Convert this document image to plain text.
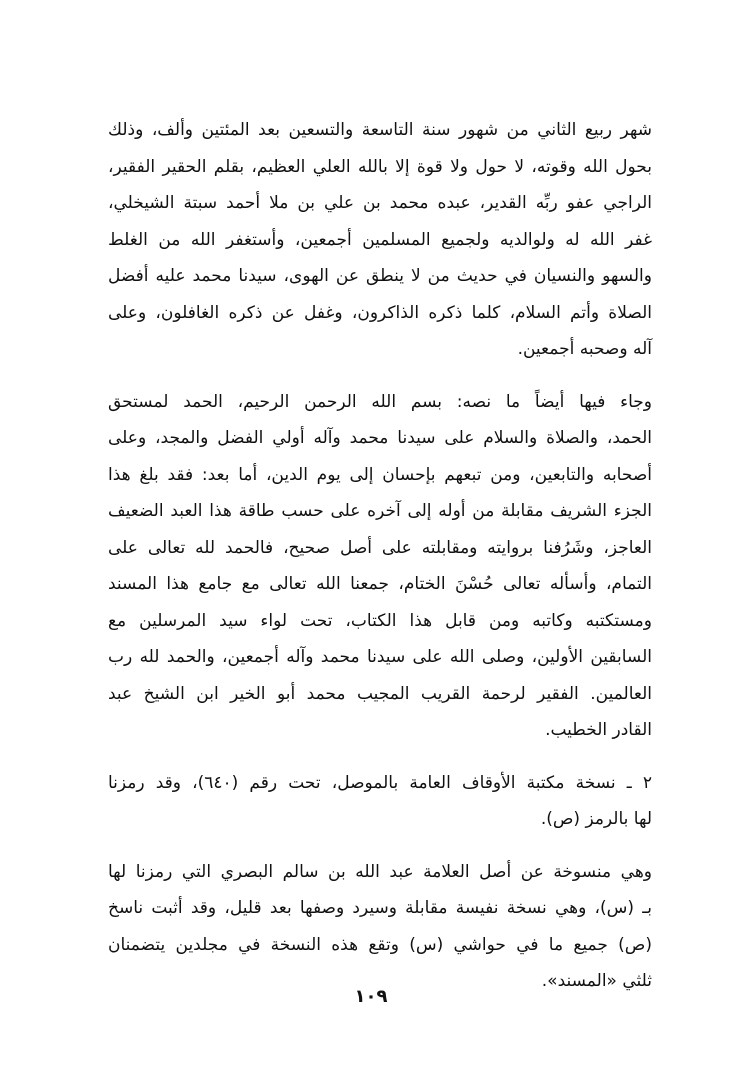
شهر ربيع الثاني من شهور سنة التاسعة والتسعين بعد المئتين وألف، وذلك
بحول الله وقوته، لا حول ولا قوة إلا بالله العلي العظيم، بقلم الحقير الفقير،
الراجي عفو ربِّه القدير، عبده محمد بن علي بن ملا أحمد سبتة الشيخلي،
غفر الله له ولوالديه ولجميع المسلمين أجمعين، وأستغفر الله من الغلط
والسهو والنسيان في حديث من لا ينطق عن الهوى، سيدنا محمد عليه أفضل
الصلاة وأتم السلام، كلما ذكره الذاكرون، وغفل عن ذكره الغافلون، وعلى
آله وصحبه أجمعين.

وجاء فيها أيضاً ما نصه: بسم الله الرحمن الرحيم، الحمد لمستحق
الحمد، والصلاة والسلام على سيدنا محمد وآله أولي الفضل والمجد، وعلى
أصحابه والتابعين، ومن تبعهم بإحسان إلى يوم الدين، أما بعد: فقد بلغ هذا
الجزء الشريف مقابلة من أوله إلى آخره على حسب طاقة هذا العبد الضعيف
العاجز، وشَرُفنا بروايته ومقابلته على أصل صحيح، فالحمد لله تعالى على
التمام، وأسأله تعالى حُسْنَ الختام، جمعنا الله تعالى مع جامع هذا المسند
ومستكتبه وكاتبه ومن قابل هذا الكتاب، تحت لواء سيد المرسلين مع
السابقين الأولين، وصلى الله على سيدنا محمد وآله أجمعين، والحمد لله رب
العالمين. الفقير لرحمة القريب المجيب محمد أبو الخير ابن الشيخ عبد
القادر الخطيب.

٢ ـ نسخة مكتبة الأوقاف العامة بالموصل، تحت رقم (٦٤٠)، وقد رمزنا
لها بالرمز (ص).

وهي منسوخة عن أصل العلامة عبد الله بن سالم البصري التي رمزنا لها
بـ (س)، وهي نسخة نفيسة مقابلة وسيرد وصفها بعد قليل، وقد أثبت ناسخ
(ص) جميع ما في حواشي (س) وتقع هذه النسخة في مجلدين يتضمنان
ثلثي «المسند».

١٠٩
